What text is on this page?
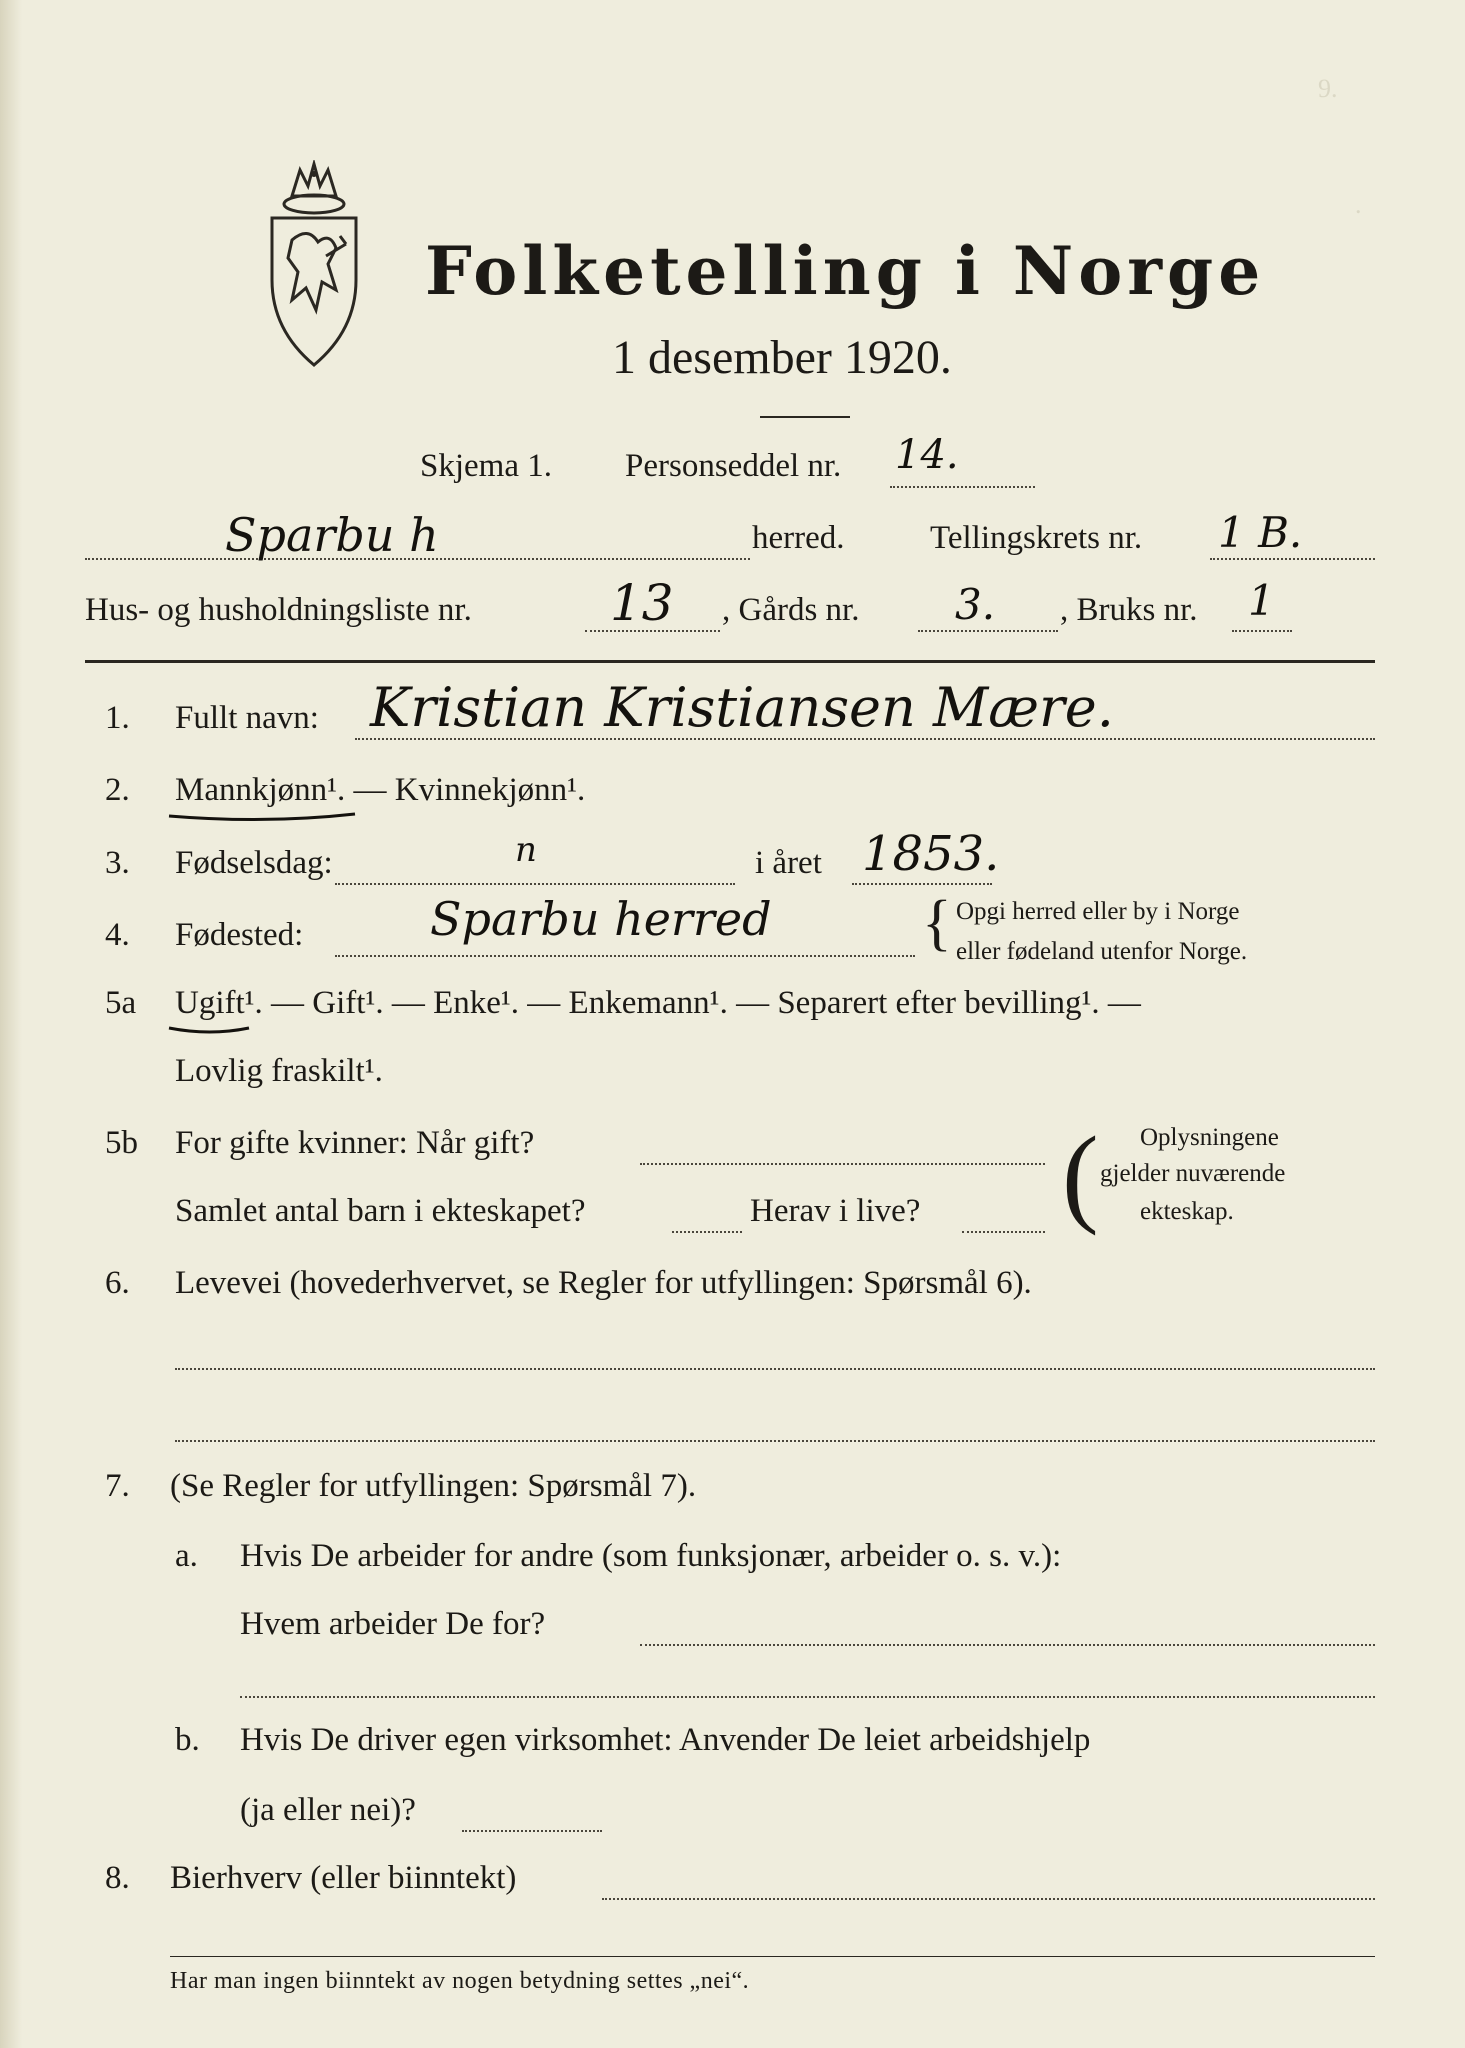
9.
.
Folketelling i Norge
1 desember 1920.
Skjema 1. Personseddel nr. 14.
Sparbu h	herred.	Tellingskrets nr. 1 B.
Hus- og husholdningsliste nr.	13 , Gårds nr. 3. , Bruks nr. 1
1. Fullt navn: Kristian Kristiansen Mære.
2. Mannkjønn¹. — Kvinnekjønn¹.
3. Fødselsdag:	n	i året 1853.
4. Fødested:	Sparbu herred { Opgi herred eller by i Norge
eller fødeland utenfor Norge.
5a Ugift¹. — Gift¹. — Enke¹. — Enkemann¹. — Separert efter bevilling¹. —
Lovlig fraskilt¹.
5b For gifte kvinner: Når gift?
Samlet antal barn i ekteskapet?	Herav i live? ( Oplysningene
gjelder nuværende
ekteskap.
6. Levevei (hovederhvervet, se Regler for utfyllingen: Spørsmål 6).
7. (Se Regler for utfyllingen: Spørsmål 7).
a. Hvis De arbeider for andre (som funksjonær, arbeider o. s. v.):
Hvem arbeider De for?
b. Hvis De driver egen virksomhet: Anvender De leiet arbeidshjelp
(ja eller nei)?
8. Bierhverv (eller biinntekt)
Har man ingen biinntekt av nogen betydning settes „nei“.
